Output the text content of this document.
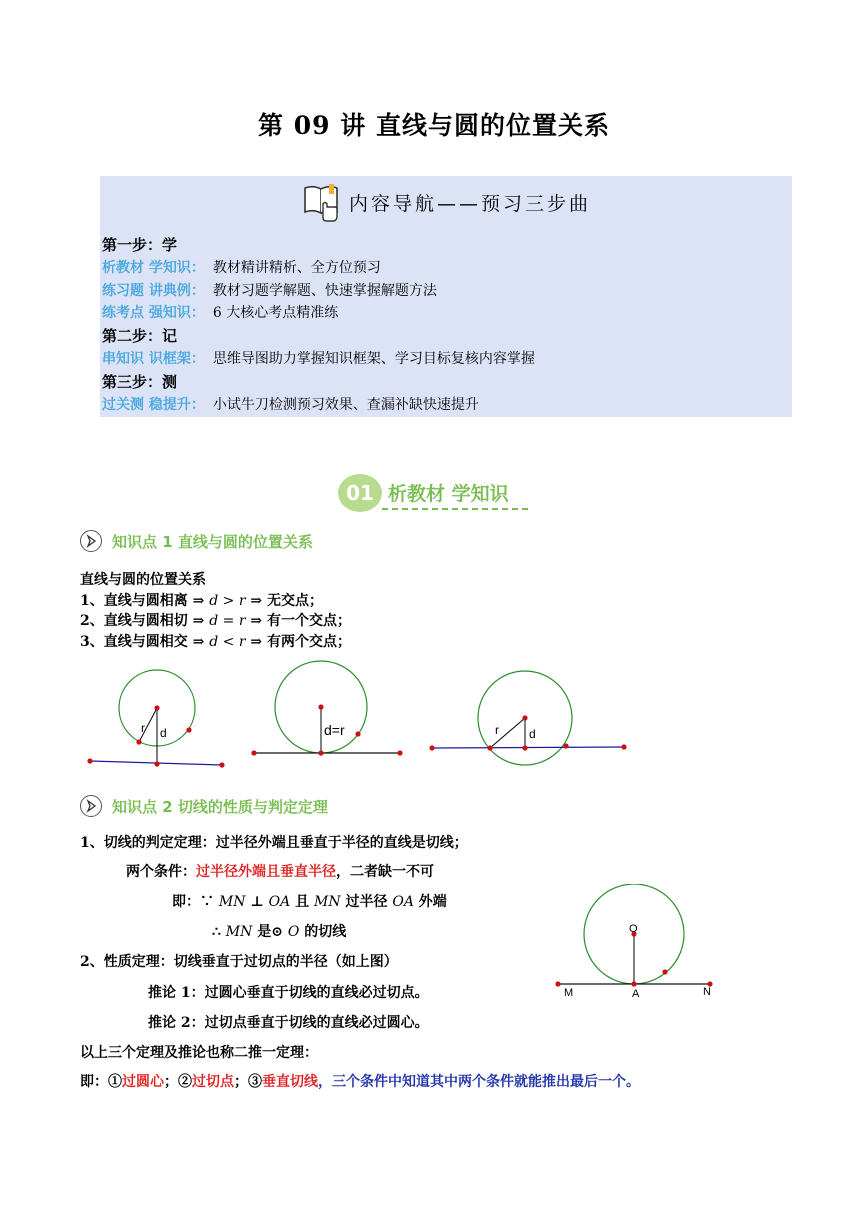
第 09 讲 直线与圆的位置关系
内容导航——预习三步曲
第一步：学
析教材 学知识： 教材精讲精析、全方位预习
练习题 讲典例： 教材习题学解题、快速掌握解题方法
练考点 强知识： 6 大核心考点精准练
第二步：记
串知识 识框架： 思维导图助力掌握知识框架、学习目标复核内容掌握
第三步：测
过关测 稳提升： 小试牛刀检测预习效果、查漏补缺快速提升
01 析教材 学知识
知识点 1 直线与圆的位置关系
直线与圆的位置关系
1、直线与圆相离 ⇒ d > r ⇒ 无交点；
2、直线与圆相切 ⇒ d = r ⇒ 有一个交点；
3、直线与圆相交 ⇒ d < r ⇒ 有两个交点；
r d	d=r	r	d
知识点 2 切线的性质与判定定理
1、切线的判定定理：过半径外端且垂直于半径的直线是切线；
两个条件：过半径外端且垂直半径，二者缺一不可
即：∵ MN ⊥ OA 且 MN 过半径 OA 外端
∴ MN 是⊙ O 的切线
2、性质定理：切线垂直于过切点的半径（如上图）
推论 1：过圆心垂直于切线的直线必过切点。
推论 2：过切点垂直于切线的直线必过圆心。
以上三个定理及推论也称二推一定理：
即：①过圆心；②过切点；③垂直切线，三个条件中知道其中两个条件就能推出最后一个。
O
M	A	N
